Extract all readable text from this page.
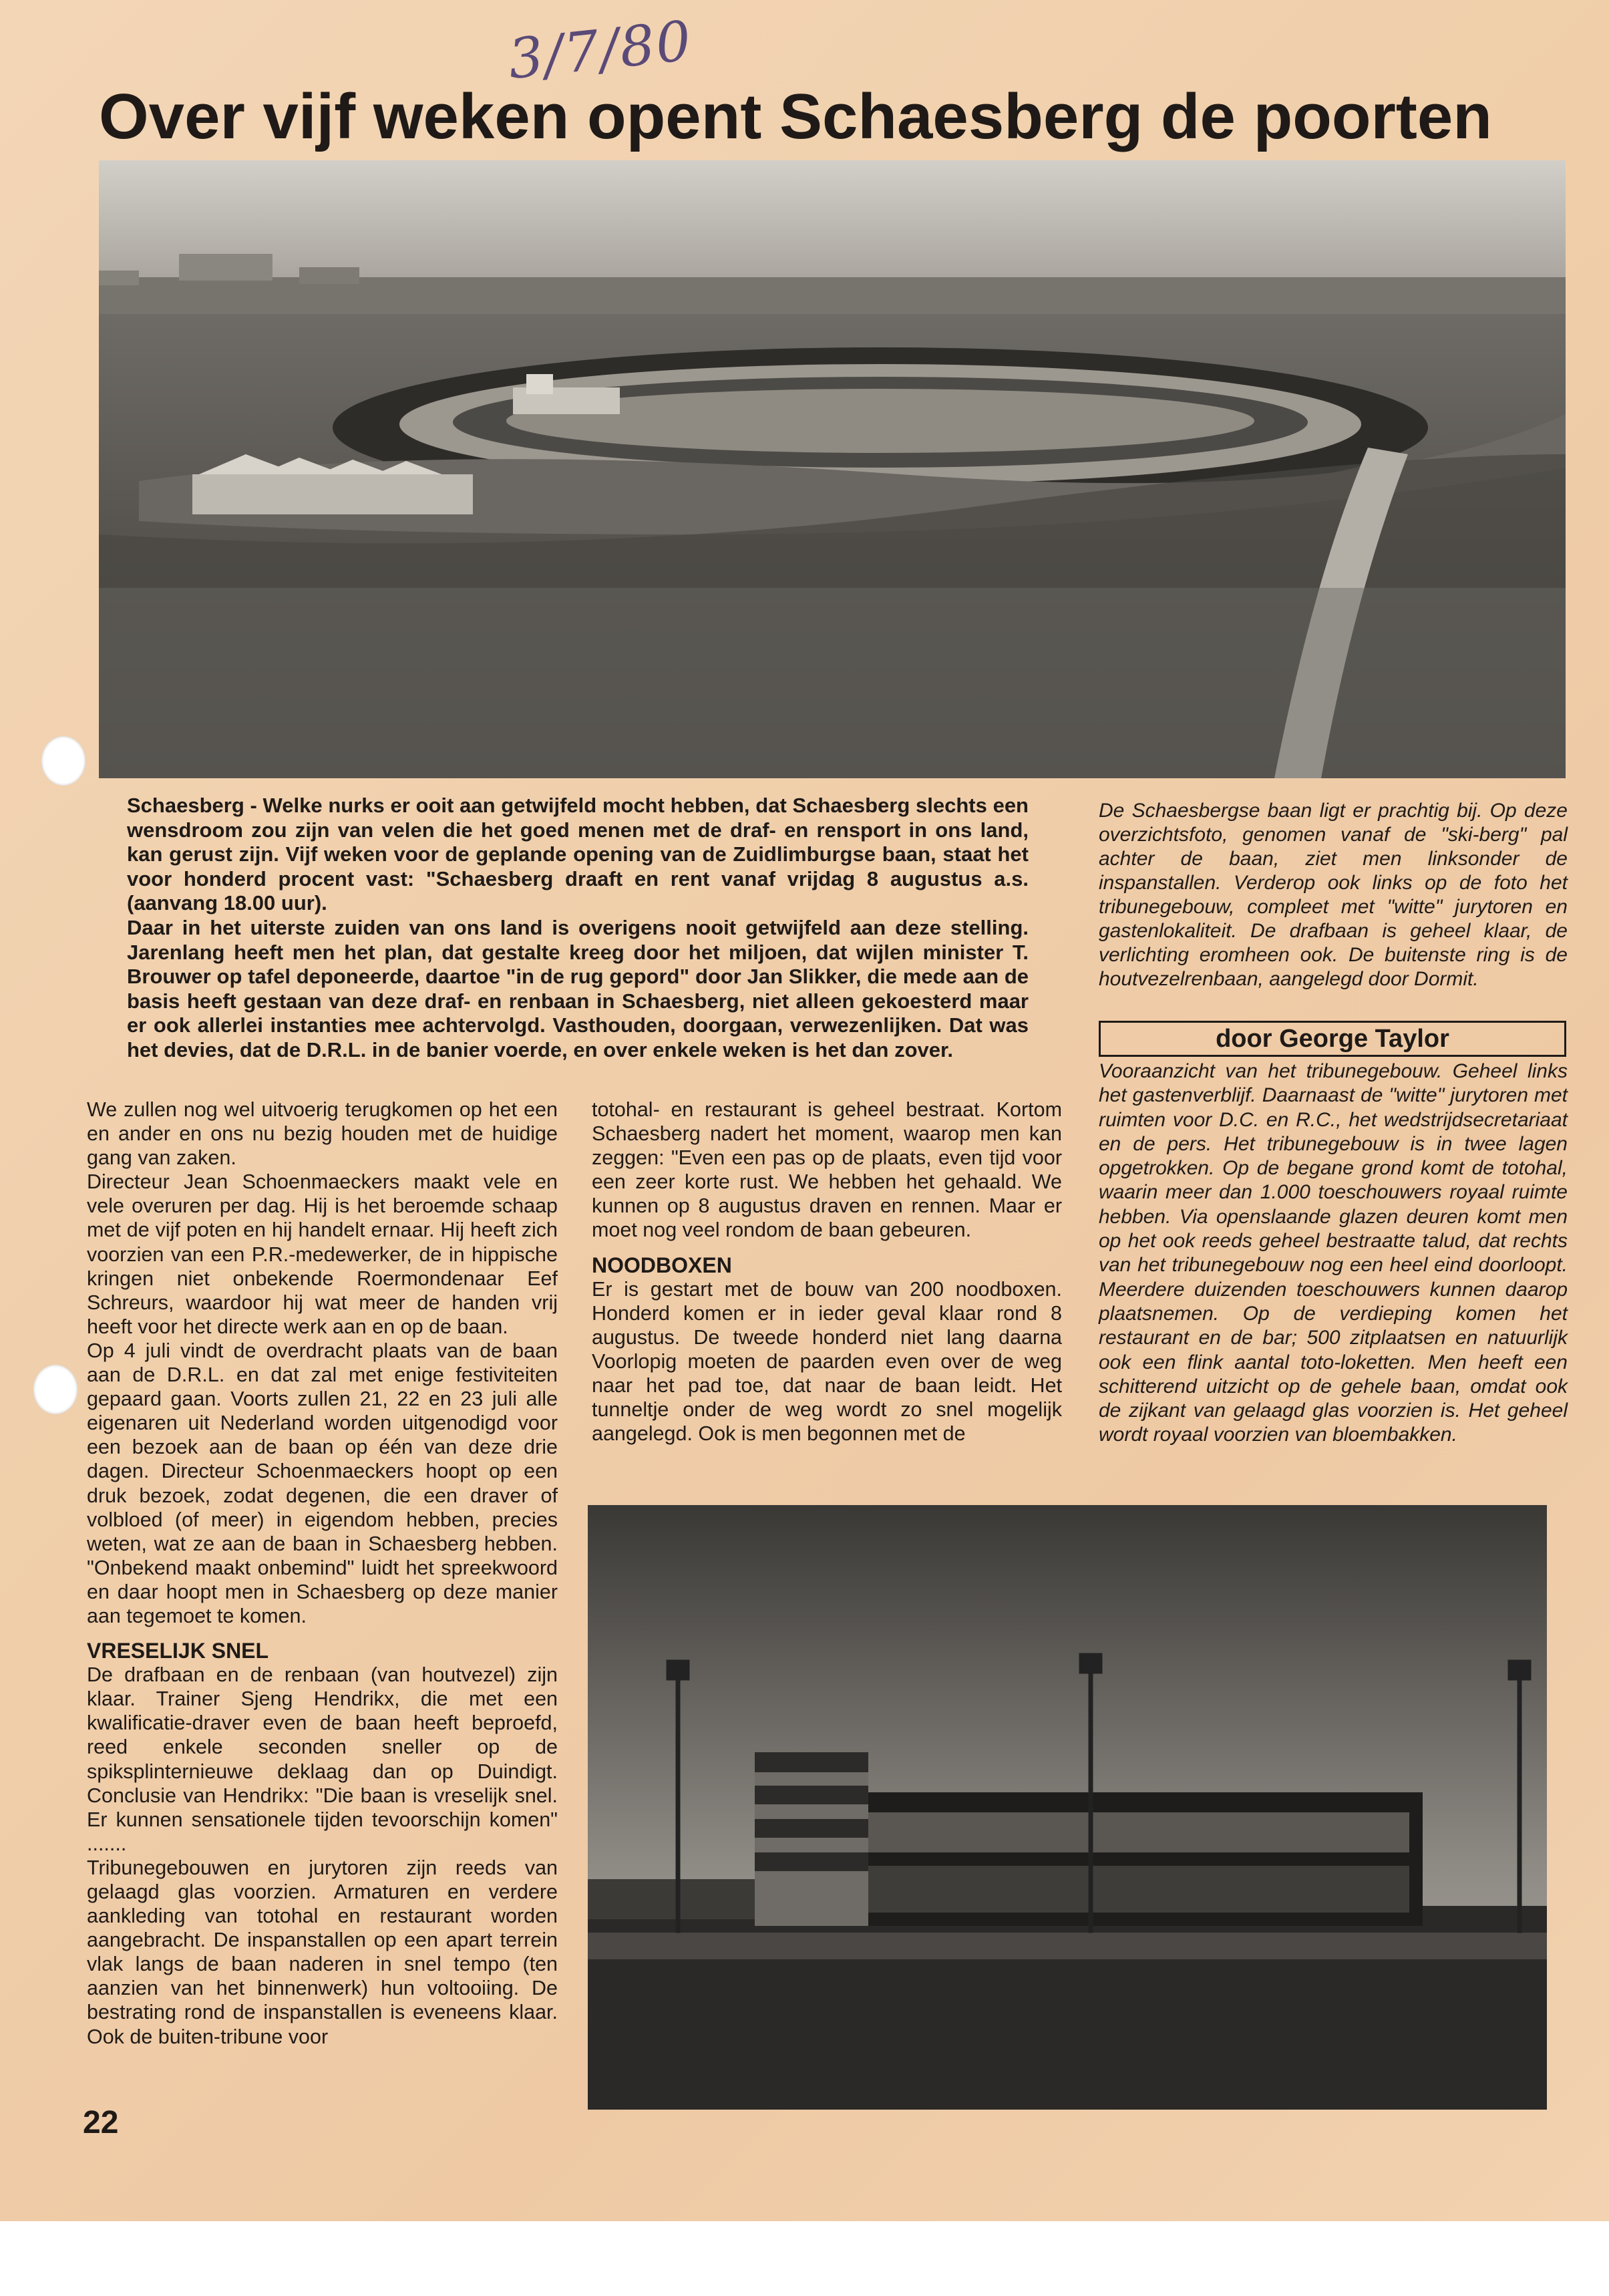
3/7/80
Over vijf weken opent Schaesberg de poorten

Schaesberg - Welke nurks er ooit aan getwijfeld mocht hebben, dat Schaesberg slechts een wensdroom zou zijn van velen die het goed menen met de draf- en rensport in ons land, kan gerust zijn. Vijf weken voor de geplande opening van de Zuidlimburgse baan, staat het voor honderd procent vast: "Schaesberg draaft en rent vanaf vrijdag 8 augustus a.s. (aanvang 18.00 uur).

Daar in het uiterste zuiden van ons land is overigens nooit getwijfeld aan deze stelling. Jarenlang heeft men het plan, dat gestalte kreeg door het miljoen, dat wijlen minister T. Brouwer op tafel deponeerde, daartoe "in de rug gepord" door Jan Slikker, die mede aan de basis heeft gestaan van deze draf- en renbaan in Schaesberg, niet alleen gekoesterd maar er ook allerlei instanties mee achtervolgd. Vasthouden, doorgaan, verwezenlijken. Dat was het devies, dat de D.R.L. in de banier voerde, en over enkele weken is het dan zover.

De Schaesbergse baan ligt er prachtig bij. Op deze overzichtsfoto, genomen vanaf de "ski-berg" pal achter de baan, ziet men linksonder de inspanstallen. Verderop ook links op de foto het tribunegebouw, compleet met "witte" jurytoren en gastenlokaliteit. De drafbaan is geheel klaar, de verlichting eromheen ook. De buitenste ring is de houtvezelrenbaan, aangelegd door Dormit.

door George Taylor

Vooraanzicht van het tribunegebouw. Geheel links het gastenverblijf. Daarnaast de "witte" jurytoren met ruimten voor D.C. en R.C., het wedstrijdsecretariaat en de pers. Het tribunegebouw is in twee lagen opgetrokken. Op de begane grond komt de totohal, waarin meer dan 1.000 toeschouwers royaal ruimte hebben. Via openslaande glazen deuren komt men op het ook reeds geheel bestraatte talud, dat rechts van het tribunegebouw nog een heel eind doorloopt. Meerdere duizenden toeschouwers kunnen daarop plaatsnemen. Op de verdieping komen het restaurant en de bar; 500 zitplaatsen en natuurlijk ook een flink aantal toto-loketten. Men heeft een schitterend uitzicht op de gehele baan, omdat ook de zijkant van gelaagd glas voorzien is. Het geheel wordt royaal voorzien van bloembakken.

We zullen nog wel uitvoerig terugkomen op het een en ander en ons nu bezig houden met de huidige gang van zaken.

Directeur Jean Schoenmaeckers maakt vele en vele overuren per dag. Hij is het beroemde schaap met de vijf poten en hij handelt ernaar. Hij heeft zich voorzien van een P.R.-medewerker, de in hippische kringen niet onbekende Roermondenaar Eef Schreurs, waardoor hij wat meer de handen vrij heeft voor het directe werk aan en op de baan.

Op 4 juli vindt de overdracht plaats van de baan aan de D.R.L. en dat zal met enige festiviteiten gepaard gaan. Voorts zullen 21, 22 en 23 juli alle eigenaren uit Nederland worden uitgenodigd voor een bezoek aan de baan op één van deze drie dagen. Directeur Schoenmaeckers hoopt op een druk bezoek, zodat degenen, die een draver of volbloed (of meer) in eigendom hebben, precies weten, wat ze aan de baan in Schaesberg hebben. "Onbekend maakt onbemind" luidt het spreekwoord en daar hoopt men in Schaesberg op deze manier aan tegemoet te komen.

VRESELIJK SNEL

De drafbaan en de renbaan (van houtvezel) zijn klaar. Trainer Sjeng Hendrikx, die met een kwalificatie-draver even de baan heeft beproefd, reed enkele seconden sneller op de spiksplinternieuwe deklaag dan op Duindigt. Conclusie van Hendrikx: "Die baan is vreselijk snel. Er kunnen sensationele tijden tevoorschijn komen" .......

Tribunegebouwen en jurytoren zijn reeds van gelaagd glas voorzien. Armaturen en verdere aankleding van totohal en restaurant worden aangebracht. De inspanstallen op een apart terrein vlak langs de baan naderen in snel tempo (ten aanzien van het binnenwerk) hun voltooiing. De bestrating rond de inspanstallen is eveneens klaar. Ook de buiten-tribune voor

totohal- en restaurant is geheel bestraat. Kortom Schaesberg nadert het moment, waarop men kan zeggen: "Even een pas op de plaats, even tijd voor een zeer korte rust. We hebben het gehaald. We kunnen op 8 augustus draven en rennen. Maar er moet nog veel rondom de baan gebeuren.

NOODBOXEN

Er is gestart met de bouw van 200 noodboxen. Honderd komen er in ieder geval klaar rond 8 augustus. De tweede honderd niet lang daarna Voorlopig moeten de paarden even over de weg naar het pad toe, dat naar de baan leidt. Het tunneltje onder de weg wordt zo snel mogelijk aangelegd. Ook is men begonnen met de

22
